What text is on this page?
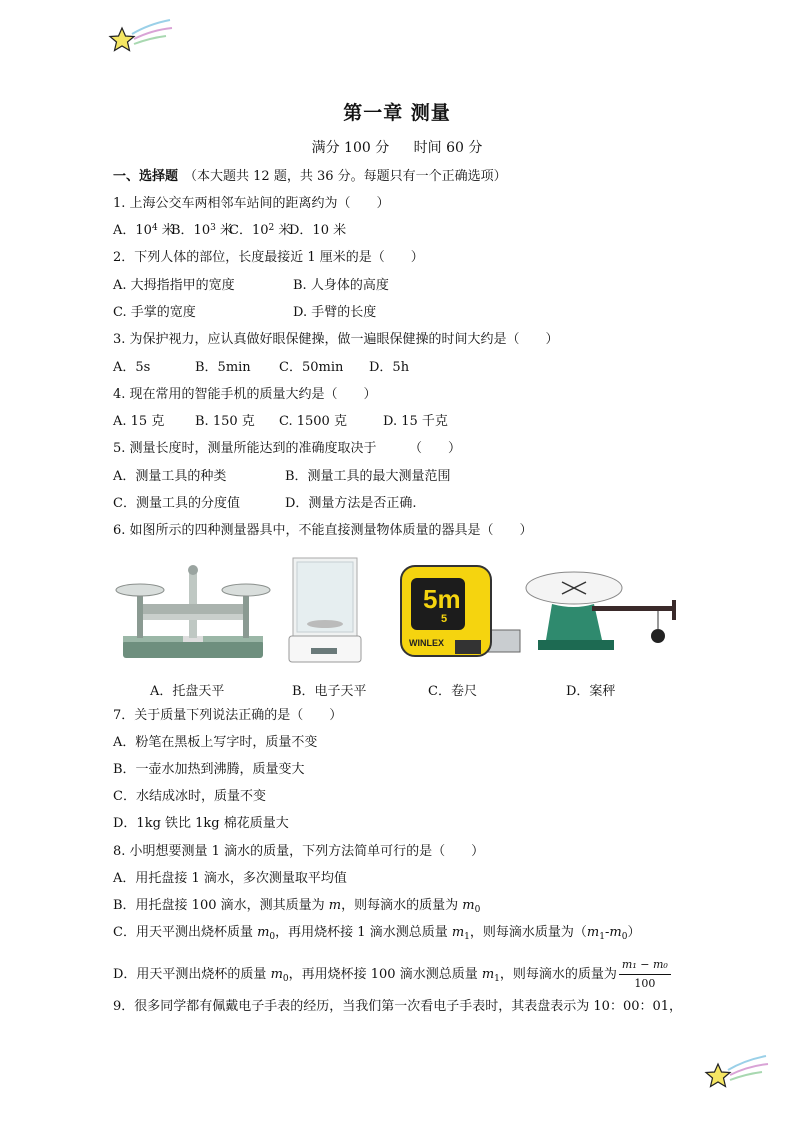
第一章 测量
满分 100 分 时间 60 分
一、选择题 （本大题共 12 题，共 36 分。每题只有一个正确选项）
1. 上海公交车两相邻车站间的距离约为（　　）
A．$10^4$ 米B．$10^3$ 米C．$10^2$ 米D．10 米
2．下列人体的部位，长度最接近 1 厘米的是（　　）
A. 大拇指指甲的宽度	B. 人身体的高度
C. 手掌的宽度	D. 手臂的长度
3. 为保护视力，应认真做好眼保健操，做一遍眼保健操的时间大约是（　　）
A．5s	B．5min C．50min D．5h
4. 现在常用的智能手机的质量大约是（　　）
A. 15 克 B. 150 克 C. 1500 克	D. 15 千克
5. 测量长度时，测量所能达到的准确度取决于　　　（　　）
A．测量工具的种类	B．测量工具的最大测量范围
C．测量工具的分度值	D．测量方法是否正确.
6. 如图所示的四种测量器具中，不能直接测量物体质量的器具是（　　）
5m
5
WINLEX
A．托盘天平	B．电子天平	C．卷尺	D．案秤
7．关于质量下列说法正确的是（　　）
A．粉笔在黑板上写字时，质量不变
B．一壶水加热到沸腾，质量变大
C．水结成冰时，质量不变
D．1kg 铁比 1kg 棉花质量大
8. 小明想要测量 1 滴水的质量，下列方法简单可行的是（　　）
A．用托盘接 1 滴水，多次测量取平均值
B．用托盘接 100 滴水，测其质量为 m，则每滴水的质量为 $m_0$
C．用天平测出烧杯质量 $m_0$，再用烧杯接 1 滴水测总质量 $m_1$，则每滴水质量为$(m_1-m_0)$
D．用天平测出烧杯的质量 $m_0$，再用烧杯接 100 滴水测总质量 $m_1$，则每滴水的质量为 $\frac{\text{m₁ − m₀}}{100}$
9．很多同学都有佩戴电子手表的经历，当我们第一次看电子手表时，其表盘表示为 10：00：01，
